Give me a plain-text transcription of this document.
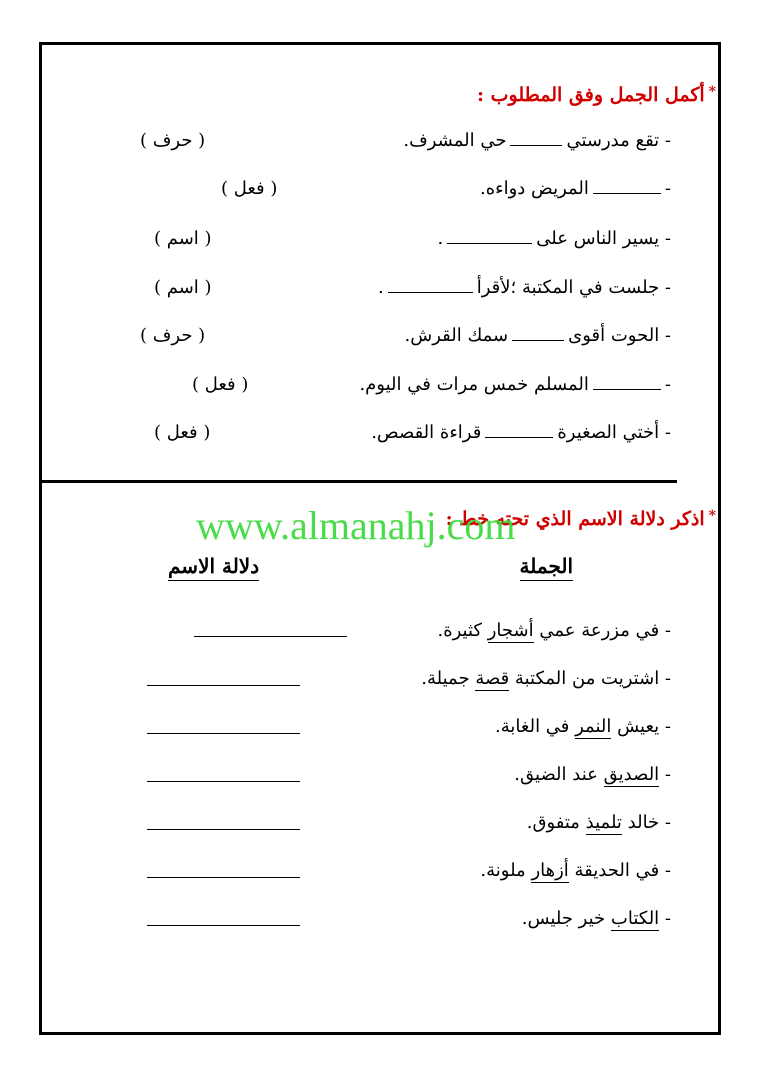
*أكمل الجمل وفق المطلوب :
- تقع مدرستيحي المشرف.
( حرف )
-المريض دواءه.
( فعل )
- يسير الناس على.
( اسم )
- جلست في المكتبة ؛لأقرأ.
( اسم )
- الحوت أقوىسمك القرش.
( حرف )
-المسلم خمس مرات في اليوم.
( فعل )
- أختي الصغيرةقراءة القصص.
( فعل )
*اذكر دلالة الاسم الذي تحته خط :
www.almanahj.com
الجملة
دلالة الاسم
- في مزرعة عمي أشجار كثيرة.
- اشتريت من المكتبة قصة جميلة.
- يعيش النمر في الغابة.
- الصديق عند الضيق.
- خالد تلميذ متفوق.
- في الحديقة أزهار ملونة.
- الكتاب خير جليس.
